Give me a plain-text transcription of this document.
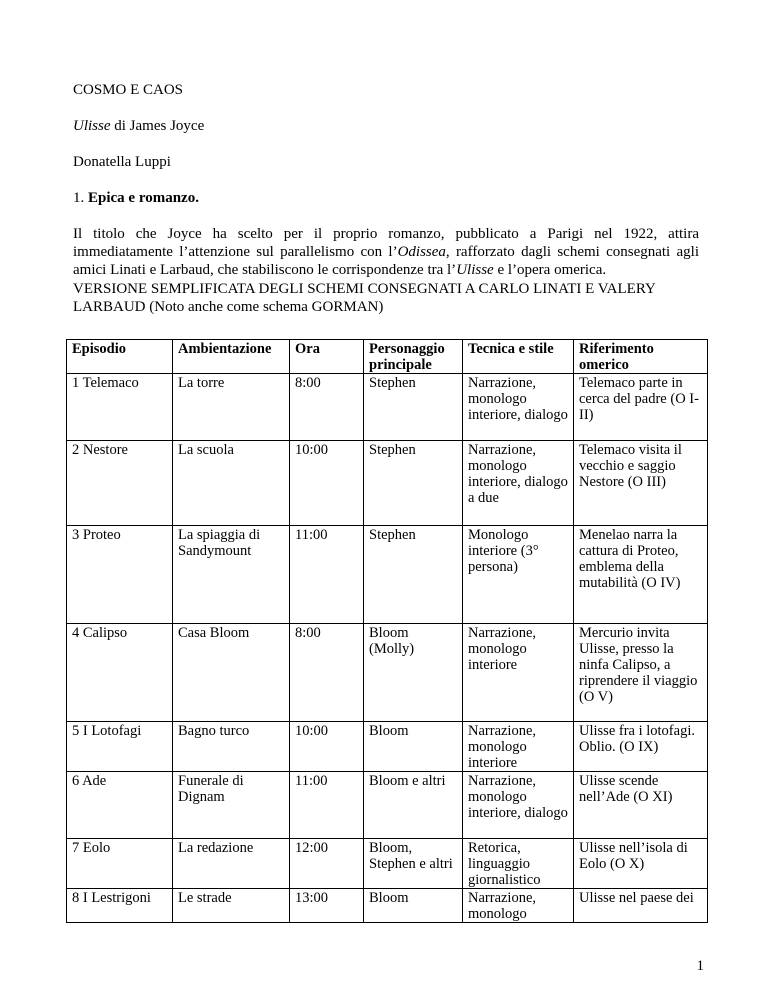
COSMO E CAOS
Ulisse di James Joyce
Donatella Luppi
1. Epica e romanzo.
Il titolo che Joyce ha scelto per il proprio romanzo, pubblicato a Parigi nel 1922, attira
immediatamente l’attenzione sul parallelismo con l’Odissea, rafforzato dagli schemi consegnati agli
amici Linati e Larbaud, che stabiliscono le corrispondenze tra l’Ulisse e l’opera omerica.
VERSIONE SEMPLIFICATA DEGLI SCHEMI CONSEGNATI A CARLO LINATI E VALERY
LARBAUD (Noto anche come schema GORMAN)
Episodio	Ambientazione	Ora	Personaggio principale	Tecnica e stile	Riferimento omerico
1 Telemaco	La torre	8:00	Stephen	Narrazione, monologo interiore, dialogo	Telemaco parte in cerca del padre (O I-II)
2 Nestore	La scuola	10:00	Stephen	Narrazione, monologo interiore, dialogo a due	Telemaco visita il vecchio e saggio Nestore (O III)
3 Proteo	La spiaggia di Sandymount	11:00	Stephen	Monologo interiore (3° persona)	Menelao narra la cattura di Proteo, emblema della mutabilità (O IV)
4 Calipso	Casa Bloom	8:00	Bloom (Molly)	Narrazione, monologo interiore	Mercurio invita Ulisse, presso la ninfa Calipso, a riprendere il viaggio (O V)
5 I Lotofagi	Bagno turco	10:00	Bloom	Narrazione, monologo interiore	Ulisse fra i lotofagi. Oblio. (O IX)
6 Ade	Funerale di Dignam	11:00	Bloom e altri	Narrazione, monologo interiore, dialogo	Ulisse scende nell’Ade (O XI)
7 Eolo	La redazione	12:00	Bloom, Stephen e altri	Retorica, linguaggio giornalistico	Ulisse nell’isola di Eolo (O X)
8 I Lestrigoni	Le strade	13:00	Bloom	Narrazione, monologo	Ulisse nel paese dei
1
